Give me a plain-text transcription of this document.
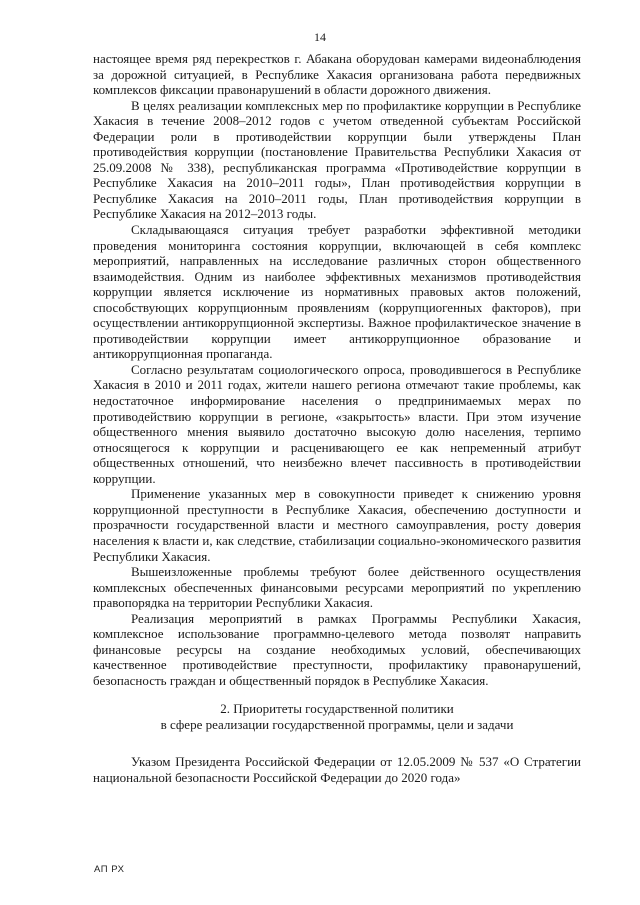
14

настоящее время ряд перекрестков г. Абакана оборудован камерами видеонаблюдения за дорожной ситуацией, в Республике Хакасия организована работа передвижных комплексов фиксации правонарушений в области дорожного движения.

В целях реализации комплексных мер по профилактике коррупции в Республике Хакасия в течение 2008–2012 годов с учетом отведенной субъектам Российской Федерации роли в противодействии коррупции были утверждены План противодействия коррупции (постановление Правительства Республики Хакасия от 25.09.2008 № 338), республиканская программа «Противодействие коррупции в Республике Хакасия на 2010–2011 годы», План противодействия коррупции в Республике Хакасия на 2010–2011 годы, План противодействия коррупции в Республике Хакасия на 2012–2013 годы.

Складывающаяся ситуация требует разработки эффективной методики проведения мониторинга состояния коррупции, включающей в себя комплекс мероприятий, направленных на исследование различных сторон общественного взаимодействия. Одним из наиболее эффективных механизмов противодействия коррупции является исключение из нормативных правовых актов положений, способствующих коррупционным проявлениям (коррупциогенных факторов), при осуществлении антикоррупционной экспертизы. Важное профилактическое значение в противодействии коррупции имеет антикоррупционное образование и антикоррупционная пропаганда.

Согласно результатам социологического опроса, проводившегося в Республике Хакасия в 2010 и 2011 годах, жители нашего региона отмечают такие проблемы, как недостаточное информирование населения о предпринимаемых мерах по противодействию коррупции в регионе, «закрытость» власти. При этом изучение общественного мнения выявило достаточно высокую долю населения, терпимо относящегося к коррупции и расценивающего ее как непременный атрибут общественных отношений, что неизбежно влечет пассивность в противодействии коррупции.

Применение указанных мер в совокупности приведет к снижению уровня коррупционной преступности в Республике Хакасия, обеспечению доступности и прозрачности государственной власти и местного самоуправления, росту доверия населения к власти и, как следствие, стабилизации социально-экономического развития Республики Хакасия.

Вышеизложенные проблемы требуют более действенного осуществления комплексных обеспеченных финансовыми ресурсами мероприятий по укреплению правопорядка на территории Республики Хакасия.

Реализация мероприятий в рамках Программы Республики Хакасия, комплексное использование программно-целевого метода позволят направить финансовые ресурсы на создание необходимых условий, обеспечивающих качественное противодействие преступности, профилактику правонарушений, безопасность граждан и общественный порядок в Республике Хакасия.

2. Приоритеты государственной политики
в сфере реализации государственной программы, цели и задачи

Указом Президента Российской Федерации от 12.05.2009 № 537 «О Стратегии национальной безопасности Российской Федерации до 2020 года»

АП РХ
